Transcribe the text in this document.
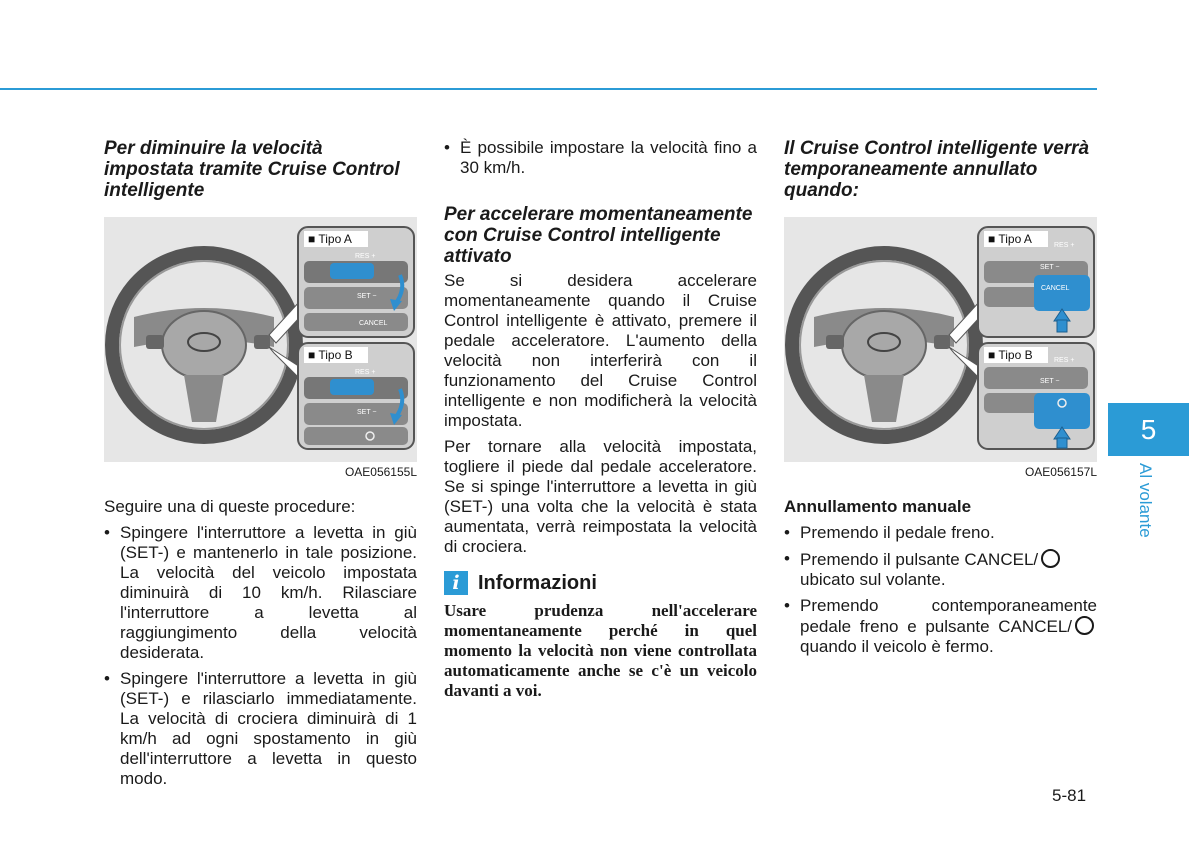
Per diminuire la velocità impostata tramite Cruise Control intelligente

■ Tipo A
■ Tipo B
RES +
SET −
CANCEL
RES +
SET −
OAE056155L

Seguire una di queste procedure:

• Spingere l'interruttore a levetta in giù (SET-) e mantenerlo in tale posizione. La velocità del veicolo impostata diminuirà di 10 km/h. Rilasciare l'interruttore a levetta al raggiungimento della velocità desiderata.
• Spingere l'interruttore a levetta in giù (SET-) e rilasciarlo immediatamente. La velocità di crociera diminuirà di 1 km/h ad ogni spostamento in giù dell'interruttore a levetta in questo modo.
• È possibile impostare la velocità fino a 30 km/h.

Per accelerare momentaneamente con Cruise Control intelligente attivato

Se si desidera accelerare momentaneamente quando il Cruise Control intelligente è attivato, premere il pedale acceleratore. L'aumento della velocità non interferirà con il funzionamento del Cruise Control intelligente e non modificherà la velocità impostata.

Per tornare alla velocità impostata, togliere il piede dal pedale acceleratore. Se si spinge l'interruttore a levetta in giù (SET-) una volta che la velocità è stata aumentata, verrà reimpostata la velocità di crociera.

i Informazioni

Usare prudenza nell'accelerare momentaneamente perché in quel momento la velocità non viene controllata automaticamente anche se c'è un veicolo davanti a voi.

Il Cruise Control intelligente verrà temporaneamente annullato quando:

■ Tipo A
■ Tipo B
RES +
SET −
CANCEL
RES +
SET −
OAE056157L

Annullamento manuale

• Premendo il pedale freno.
• Premendo il pulsante CANCEL/ ubicato sul volante.
• Premendo contemporaneamente pedale freno e pulsante CANCEL/ quando il veicolo è fermo.
5
Al volante
5-81
